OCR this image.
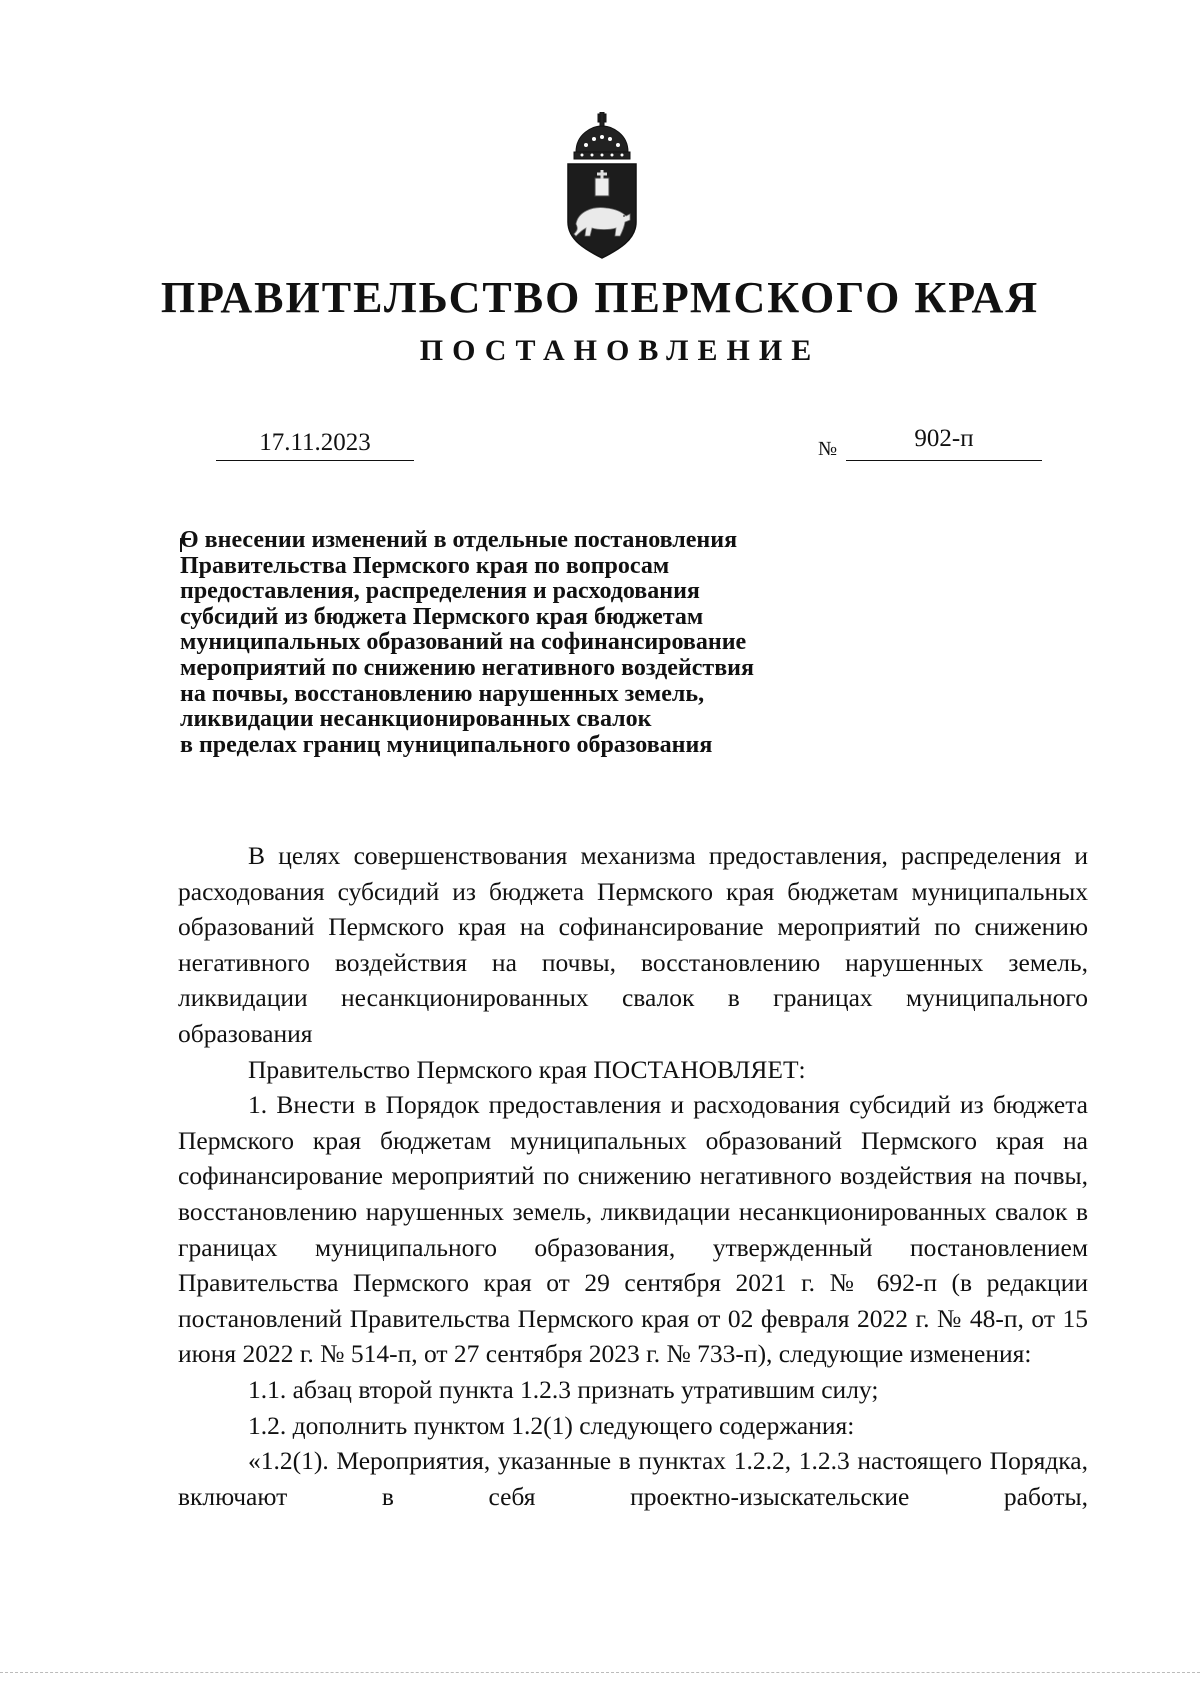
ПРАВИТЕЛЬСТВО ПЕРМСКОГО КРАЯ
ПОСТАНОВЛЕНИЕ
17.11.2023	№	902-п
О внесении изменений в отдельные постановления
Правительства Пермского края по вопросам
предоставления, распределения и расходования
субсидий из бюджета Пермского края бюджетам
муниципальных образований на софинансирование
мероприятий по снижению негативного воздействия
на почвы, восстановлению нарушенных земель,
ликвидации несанкционированных свалок
в пределах границ муниципального образования

В целях совершенствования механизма предоставления, распределения и расходования субсидий из бюджета Пермского края бюджетам муниципальных образований Пермского края на софинансирование мероприятий по снижению негативного воздействия на почвы, восстановлению нарушенных земель, ликвидации несанкционированных свалок в границах муниципального образования

Правительство Пермского края ПОСТАНОВЛЯЕТ:

1. Внести в Порядок предоставления и расходования субсидий из бюджета Пермского края бюджетам муниципальных образований Пермского края на софинансирование мероприятий по снижению негативного воздействия на почвы, восстановлению нарушенных земель, ликвидации несанкционированных свалок в границах муниципального образования, утвержденный постановлением Правительства Пермского края от 29 сентября 2021 г. № 692-п (в редакции постановлений Правительства Пермского края от 02 февраля 2022 г. № 48-п, от 15 июня 2022 г. № 514-п, от 27 сентября 2023 г. № 733-п), следующие изменения:

1.1. абзац второй пункта 1.2.3 признать утратившим силу;

1.2. дополнить пунктом 1.2(1) следующего содержания:

«1.2(1). Мероприятия, указанные в пунктах 1.2.2, 1.2.3 настоящего Порядка, включают в себя проектно-изыскательские работы,
